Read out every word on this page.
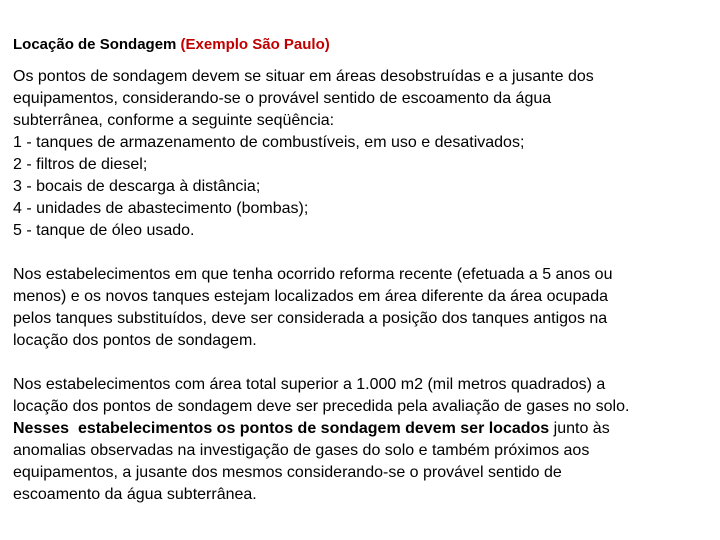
Locação de Sondagem (Exemplo São Paulo)

Os pontos de sondagem devem se situar em áreas desobstruídas e a jusante dos
equipamentos, considerando-se o provável sentido de escoamento da água
subterrânea, conforme a seguinte seqüência:
1 - tanques de armazenamento de combustíveis, em uso e desativados;
2 - filtros de diesel;
3 - bocais de descarga à distância;
4 - unidades de abastecimento (bombas);
5 - tanque de óleo usado.

Nos estabelecimentos em que tenha ocorrido reforma recente (efetuada a 5 anos ou
menos) e os novos tanques estejam localizados em área diferente da área ocupada
pelos tanques substituídos, deve ser considerada a posição dos tanques antigos na
locação dos pontos de sondagem.

Nos estabelecimentos com área total superior a 1.000 m2 (mil metros quadrados) a
locação dos pontos de sondagem deve ser precedida pela avaliação de gases no solo.
Nesses  estabelecimentos os pontos de sondagem devem ser locados junto às
anomalias observadas na investigação de gases do solo e também próximos aos
equipamentos, a jusante dos mesmos considerando-se o provável sentido de
escoamento da água subterrânea.
